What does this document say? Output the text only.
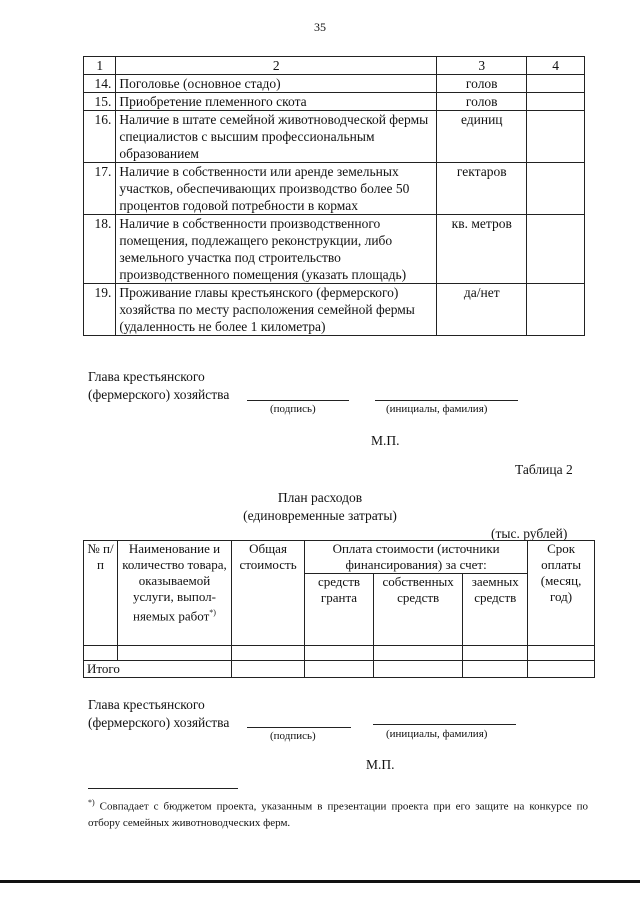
35
1	2	3	4
14.	Поголовье (основное стадо)	голов	
15.	Приобретение племенного скота	голов	
16.	Наличие в штате семейной животноводческой фермы специалистов с высшим профессиональным образованием	единиц	
17.	Наличие в собственности или аренде земельных участков, обеспечивающих производство более 50 процентов годовой потребности в кормах	гектаров	
18.	Наличие в собственности производственного помещения, подлежащего реконструкции, либо земельного участка под строительство производственного помещения (указать площадь)	кв. метров	
19.	Проживание главы крестьянского (фермерского) хозяйства по месту расположения семейной фермы (удаленность не более 1 километра)	да/нет	
Глава крестьянского
(фермерского) хозяйства
(подпись)	(инициалы, фамилия)
М.П.
Таблица 2
План расходов
(единовременные затраты)
(тыс. рублей)
№ п/п	Наименование и количество товара, оказываемой услуги, выпол-няемых работ*)	Общая стоимость	Оплата стоимости (источники финансирования) за счет:			Срок оплаты (месяц, год)
			средств гранта	собственных средств	заемных средств	

Итого						
Глава крестьянского
(фермерского) хозяйства
(подпись)	(инициалы, фамилия)
М.П.
*) Совпадает с бюджетом проекта, указанным в презентации проекта при его защите на конкурсе по отбору семейных животноводческих ферм.
